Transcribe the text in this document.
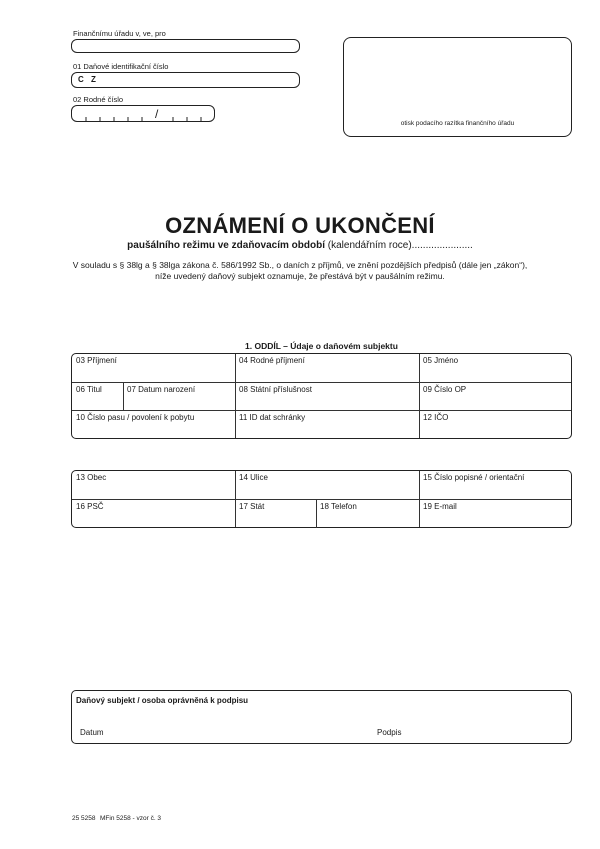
Finančnímu úřadu v, ve, pro
01 Daňové identifikační číslo
C Z
02 Rodné číslo
/
otisk podacího razítka finančního úřadu
OZNÁMENÍ O UKONČENÍ
paušálního režimu ve zdaňovacím období (kalendářním roce)......................
V souladu s § 38lg a § 38lga zákona č. 586/1992 Sb., o daních z příjmů, ve znění pozdějších předpisů (dále jen „zákon“),
níže uvedený daňový subjekt oznamuje, že přestává být v paušálním režimu.
1. ODDÍL – Údaje o daňovém subjektu
03 Příjmení	04 Rodné příjmení	05 Jméno
06 Titul	07 Datum narození	08 Státní příslušnost	09 Číslo OP
10 Číslo pasu / povolení k pobytu	11 ID dat schránky	12 IČO
13 Obec	14 Ulice	15 Číslo popisné / orientační
16 PSČ	17 Stát	18 Telefon	19 E-mail
Daňový subjekt / osoba oprávněná k podpisu
Datum	Podpis
25 5258 MFin 5258 - vzor č. 3
